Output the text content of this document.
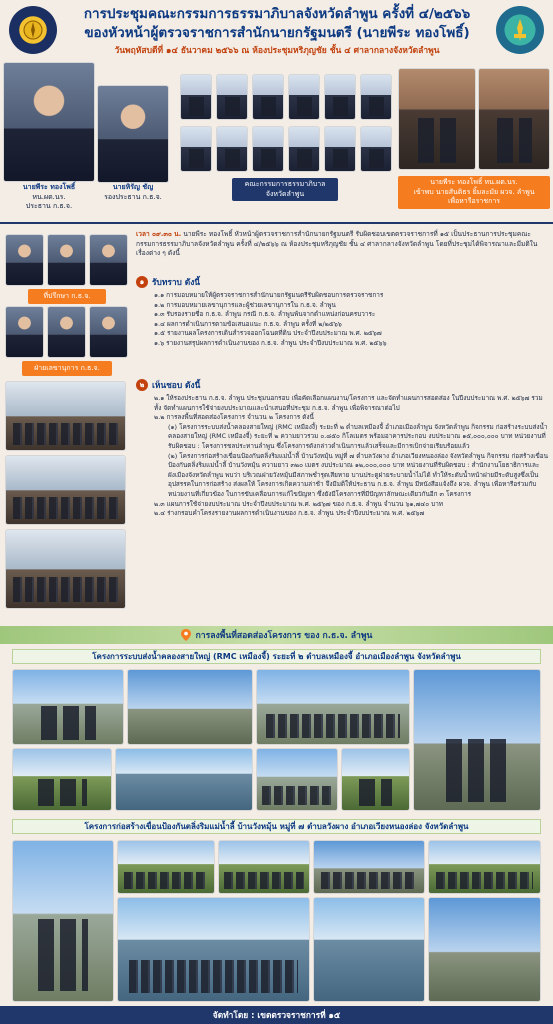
การประชุมคณะกรรมการธรรมาภิบาลจังหวัดลำพูน ครั้งที่ ๔/๒๕๖๖
ของหัวหน้าผู้ตรวจราชการสำนักนายกรัฐมนตรี (นายพีระ ทองโพธิ์)
วันพฤหัสบดีที่ ๑๔ ธันวาคม ๒๕๖๖ ณ ห้องประชุมหริภุญชัย ชั้น ๔ ศาลากลางจังหวัดลำพูน
นายพีระ ทองโพธิ์
หน.ผต.นร.
ประธาน ก.ธ.จ.
นายหิรัญ ชัญ
รองประธาน ก.ธ.จ.
คณะกรรมการธรรมาภิบาล
จังหวัดลำพูน
นายพีระ ทองโพธิ์ หน.ผต.นร.
เข้าพบ นายสันติธร ยิ้มละมัย ผวจ. ลำพูน
เพื่อหารือราชการ
ที่ปรึกษา ก.ธ.จ.
ฝ่ายเลขานุการ ก.ธ.จ.
เวลา ๐๙.๓๐ น. นายพีระ ทองโพธิ์ หัวหน้าผู้ตรวจราชการสำนักนายกรัฐมนตรี รับผิดชอบเขตตรวจราชการที่ ๑๕ เป็นประธานการประชุมคณะกรรมการธรรมาภิบาลจังหวัดลำพูน ครั้งที่ ๔/๒๕๖๖ ณ ห้องประชุมหริภุญชัย ชั้น ๔ ศาลากลางจังหวัดลำพูน โดยที่ประชุมได้พิจารณาและมีมติในเรื่องต่าง ๆ ดังนี้
๑ รับทราบ ดังนี้
๑.๑ การมอบหมายให้ผู้ตรวจราชการสำนักนายกรัฐมนตรีรับผิดชอบการตรวจราชการ
๑.๒ การมอบหมายเลขานุการและผู้ช่วยเลขานุการใน ก.ธ.จ. ลำพูน
๑.๓ รับรองรายชื่อ ก.ธ.จ. ลำพูน กรณี ก.ธ.จ. ลำพูนพ้นจากตำแหน่งก่อนครบวาระ
๑.๔ ผลการดำเนินการตามข้อเสนอแนะ ก.ธ.จ. ลำพูน ครั้งที่ ๒/๒๕๖๖
๑.๕ รายงานผลโครงการเดินสำรวจออกโฉนดที่ดิน ประจำปีงบประมาณ พ.ศ. ๒๕๖๗
๑.๖ รายงานสรุปผลการดำเนินงานของ ก.ธ.จ. ลำพูน ประจำปีงบประมาณ พ.ศ. ๒๕๖๖
๒ เห็นชอบ ดังนี้
๒.๑ ให้รองประธาน ก.ธ.จ. ลำพูน ประชุมนอกรอบ เพื่อคัดเลือกแผนงาน/โครงการ และจัดทำแผนการสอดส่อง ในปีงบประมาณ พ.ศ. ๒๕๖๗ รวมทั้ง จัดทำแผนการใช้จ่ายงบประมาณและนำเสนอที่ประชุม ก.ธ.จ. ลำพูน เพื่อพิจารณาต่อไป
๒.๒ การลงพื้นที่สอดส่องโครงการ จำนวน ๒ โครงการ ดังนี้
(๑) โครงการระบบส่งน้ำคลองสายใหญ่ (RMC เหมืองงี้) ระยะที่ ๒ ตำบลเหมืองจี้ อำเภอเมืองลำพูน จังหวัดลำพูน กิจกรรม ก่อสร้างระบบส่งน้ำคลองสายใหญ่ (RMC เหมืองจี้) ระยะที่ ๒ ความยาวรวม ๐.๘๕๐ กิโลเมตร พร้อมอาคารประกอบ งบประมาณ ๑๕,๐๐๐,๐๐๐ บาท หน่วยงานที่รับผิดชอบ : โครงการชลประทานลำพูน ซึ่งโครงการดังกล่าวดำเนินการแล้วเสร็จและมีการเบิกจ่ายเรียบร้อยแล้ว
(๒) โครงการก่อสร้างเขื่อนป้องกันตลิ่งริมแม่น้ำลี้ บ้านวังหมุ้น หมู่ที่ ๗ ตำบลวังผาง อำเภอเวียงหนองล่อง จังหวัดลำพูน กิจกรรม ก่อสร้างเขื่อนป้องกันตลิ่งริมแม่น้ำลี้ บ้านวังหมุ้น ความยาว ๓๒๐ เมตร งบประมาณ ๑๒,๐๐๐,๐๐๐ บาท หน่วยงานที่รับผิดชอบ : สำนักงานโยธาธิการและผังเมืองจังหวัดลำพูน พบว่า บริเวณฝายวังหมุ้นมีสภาพชำรุดเสียหาย บานประตูฝายระบายน้ำไม่ได้ ทำให้ระดับน้ำหน้าฝายมีระดับสูงซึ่งเป็นอุปสรรคในการก่อสร้าง ส่งผลให้ โครงการเกิดความล่าช้า จึงมีมติให้ประธาน ก.ธ.จ. ลำพูน มีหนังสือแจ้งถึง ผวจ. ลำพูน เพื่อหารือร่วมกับ หน่วยงานที่เกี่ยวข้อง ในการขับเคลื่อนการแก้ไขปัญหา ซึ่งยังมีโครงการที่มีปัญหาลักษณะเดียวกันอีก ๓ โครงการ
๒.๓ แผนการใช้จ่ายงบประมาณ ประจำปีงบประมาณ พ.ศ. ๒๕๖๗ ของ ก.ธ.จ. ลำพูน จำนวน ๖๑,๗๔๐ บาท
๒.๔ ร่างกรอบคำโครงรายงานผลการดำเนินงานของ ก.ธ.จ. ลำพูน ประจำปีงบประมาณ พ.ศ. ๒๕๖๗
การลงพื้นที่สอดส่องโครงการ ของ ก.ธ.จ. ลำพูน
โครงการระบบส่งน้ำคลองสายใหญ่ (RMC เหมืองจี้) ระยะที่ ๒ ตำบลเหมืองจี้ อำเภอเมืองลำพูน จังหวัดลำพูน
โครงการก่อสร้างเขื่อนป้องกันตลิ่งริมแม่น้ำลี้ บ้านวังหมุ้น หมู่ที่ ๗ ตำบลวังผาง อำเภอเวียงหนองล่อง จังหวัดลำพูน
จัดทำโดย : เขตตรวจราชการที่ ๑๕
